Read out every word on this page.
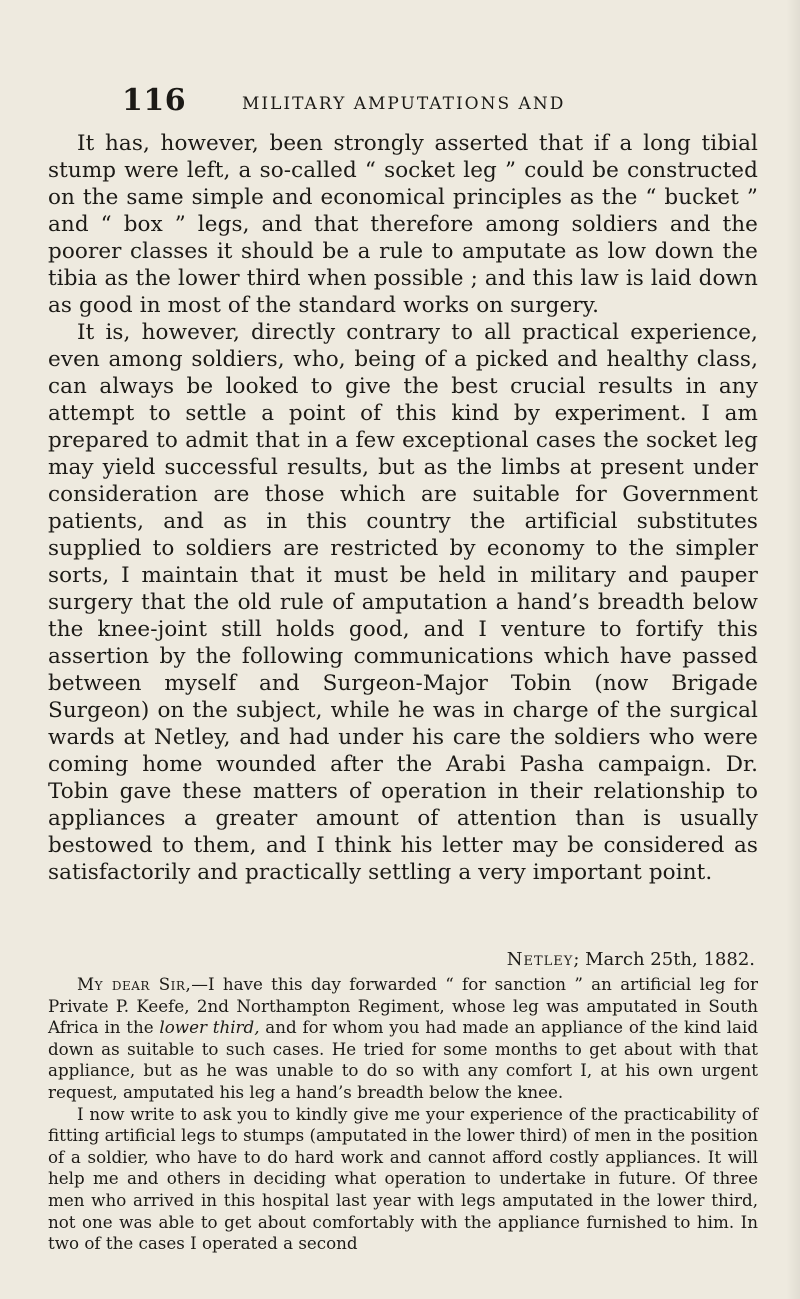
116	MILITARY AMPUTATIONS AND

It has, however, been strongly asserted that if a long tibial stump were left, a so-called “ socket leg ” could be constructed on the same simple and economical principles as the “ bucket ” and “ box ” legs, and that therefore among soldiers and the poorer classes it should be a rule to amputate as low down the tibia as the lower third when possible ; and this law is laid down as good in most of the standard works on surgery.

It is, however, directly contrary to all practical experience, even among soldiers, who, being of a picked and healthy class, can always be looked to give the best crucial results in any attempt to settle a point of this kind by experiment. I am prepared to admit that in a few exceptional cases the socket leg may yield successful results, but as the limbs at present under consideration are those which are suitable for Government patients, and as in this country the artificial substitutes supplied to soldiers are restricted by economy to the simpler sorts, I maintain that it must be held in military and pauper surgery that the old rule of amputation a hand’s breadth below the knee-joint still holds good, and I venture to fortify this assertion by the following communications which have passed between myself and Surgeon-Major Tobin (now Brigade Surgeon) on the subject, while he was in charge of the surgical wards at Netley, and had under his care the soldiers who were coming home wounded after the Arabi Pasha campaign. Dr. Tobin gave these matters of operation in their relationship to appliances a greater amount of attention than is usually bestowed to them, and I think his letter may be considered as satisfactorily and practically settling a very important point.

Netley; March 25th, 1882.

My dear Sir,—I have this day forwarded “ for sanction ” an artificial leg for Private P. Keefe, 2nd Northampton Regiment, whose leg was amputated in South Africa in the lower third, and for whom you had made an appliance of the kind laid down as suitable to such cases. He tried for some months to get about with that appliance, but as he was unable to do so with any comfort I, at his own urgent request, amputated his leg a hand’s breadth below the knee.

I now write to ask you to kindly give me your experience of the practicability of fitting artificial legs to stumps (amputated in the lower third) of men in the position of a soldier, who have to do hard work and cannot afford costly appliances. It will help me and others in deciding what operation to undertake in future. Of three men who arrived in this hospital last year with legs amputated in the lower third, not one was able to get about comfortably with the appliance furnished to him. In two of the cases I operated a second
